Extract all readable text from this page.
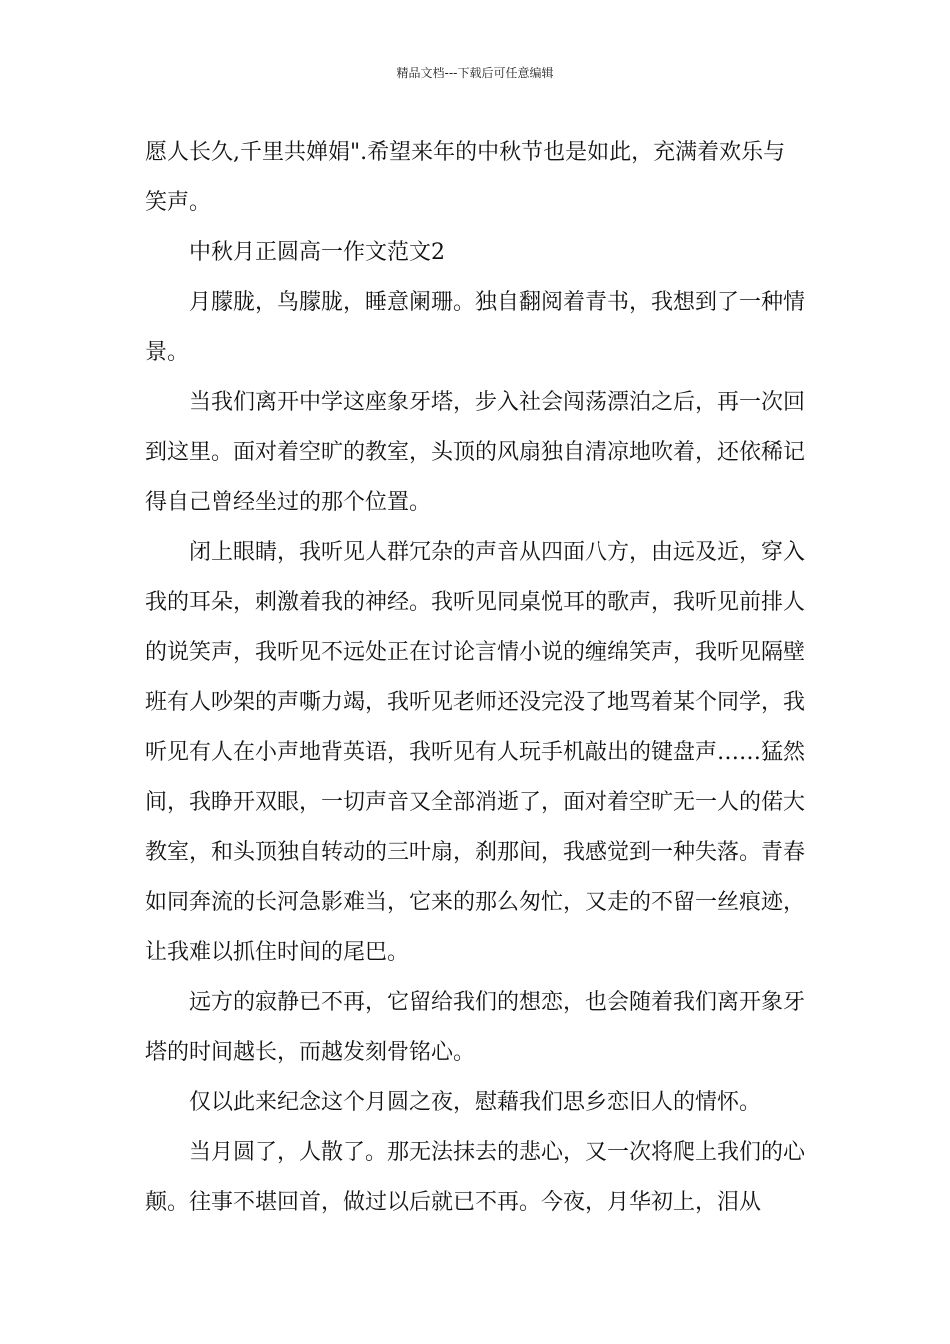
精品文档---下载后可任意编辑

愿人长久,千里共婵娟".希望来年的中秋节也是如此，充满着欢乐与笑声。

中秋月正圆高一作文范文2

月朦胧，鸟朦胧，睡意阑珊。独自翻阅着青书，我想到了一种情景。

当我们离开中学这座象牙塔，步入社会闯荡漂泊之后，再一次回到这里。面对着空旷的教室，头顶的风扇独自清凉地吹着，还依稀记得自己曾经坐过的那个位置。

闭上眼睛，我听见人群冗杂的声音从四面八方，由远及近，穿入我的耳朵，刺激着我的神经。我听见同桌悦耳的歌声，我听见前排人的说笑声，我听见不远处正在讨论言情小说的缠绵笑声，我听见隔壁班有人吵架的声嘶力竭，我听见老师还没完没了地骂着某个同学，我听见有人在小声地背英语，我听见有人玩手机敲出的键盘声……猛然间，我睁开双眼，一切声音又全部消逝了，面对着空旷无一人的偌大教室，和头顶独自转动的三叶扇，刹那间，我感觉到一种失落。青春如同奔流的长河急影难当，它来的那么匆忙，又走的不留一丝痕迹，让我难以抓住时间的尾巴。

远方的寂静已不再，它留给我们的想恋，也会随着我们离开象牙塔的时间越长，而越发刻骨铭心。

仅以此来纪念这个月圆之夜，慰藉我们思乡恋旧人的情怀。

当月圆了，人散了。那无法抹去的悲心，又一次将爬上我们的心颠。往事不堪回首，做过以后就已不再。今夜，月华初上，泪从
